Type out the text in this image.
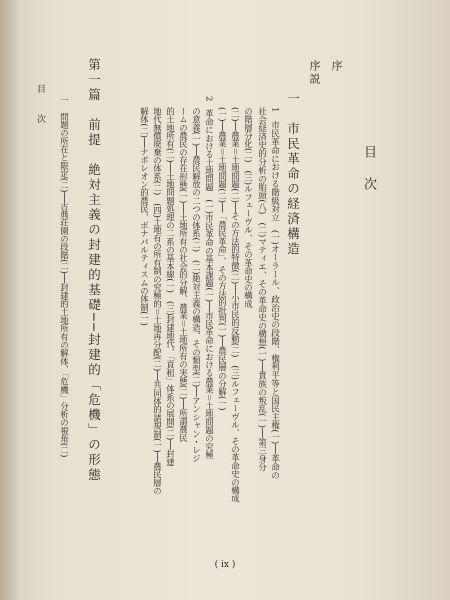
目　次
序
序説
一　市民革命の経済構造
1　市民革命における階級対立　(一)オーラール、政治史の段階、権利平等と国民主権(一)──革命の
社会経済史的分析の胎頭(八)　(二)マティエ、その革命史の構想(一)──貴族の叛乱(一)──第三身分
の階層分化(二)　(三)ルフェーヴル、その革命史の構成
(二)──農業＝土地問題(二)──その方法的特徴(二)──小市民的反動(二)　(三)ルフェーヴル、その革命史の構成
(一)──農業＝土地問題(二)──「農民革命」、その方法的批判(一)──農民層の分解(一)
2　革命における土地問題　(一)市民革命の基本課題(一)──市民革命における農業＝土地問題の究極
の意義(一)──農民解放の二つの体系(二)　(二)絶対主義の構造、その類型(二)──アンシャン・レジ
ームの農民の存在形態(一)──土地所有の社会的分解、農業＝土地所有の実態(二)──所謂農民
的土地所有(二)──土地問題処理の二系の基本線(一)　(三)封建地代、「貢租」体系の展開(二)──封建
地代無償廃棄の体系(二)　(四)土地有の所有制の究極的＝土地再分配(二)──共同体的諸規制(一)──農民層の
解体(二)──ナポレオン的農民、ボナパルティスムの体制(一)
第一篇
前提　絶対主義の封建的基礎──封建的「危機」の形態
一　問題の所在と限定(二)──古典荘園の段階(二)──封建的土地所有の解体、「危機」分析の視角(二)
目　次
( ix )
